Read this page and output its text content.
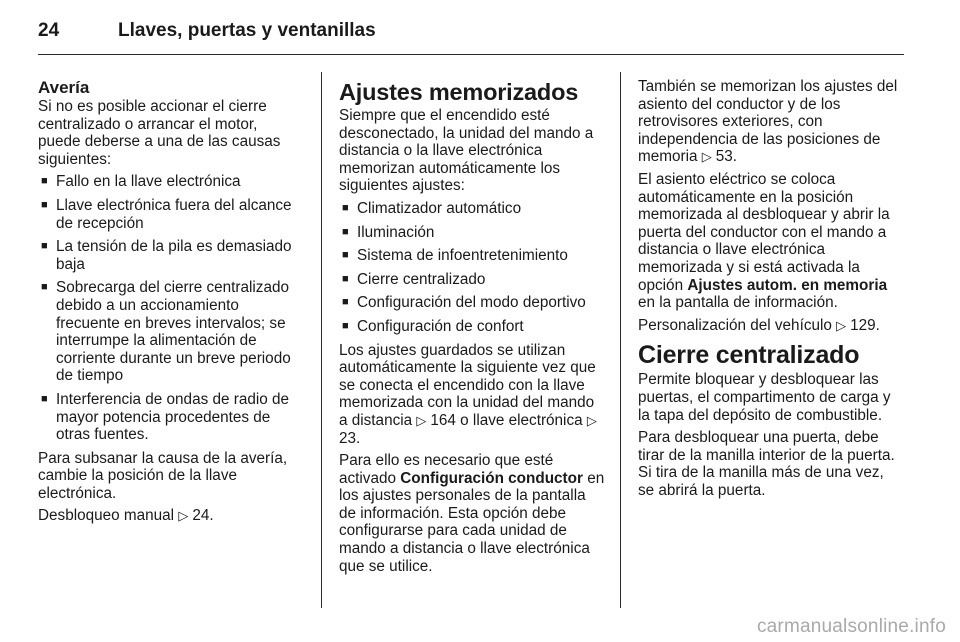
24	Llaves, puertas y ventanillas
Avería

Si no es posible accionar el cierre centralizado o arrancar el motor, puede deberse a una de las causas siguientes:

■ Fallo en la llave electrónica
■ Llave electrónica fuera del alcance de recepción
■ La tensión de la pila es demasiado baja
■ Sobrecarga del cierre centralizado debido a un accionamiento frecuente en breves intervalos; se interrumpe la alimentación de corriente durante un breve periodo de tiempo
■ Interferencia de ondas de radio de mayor potencia procedentes de otras fuentes.

Para subsanar la causa de la avería, cambie la posición de la llave electrónica.

Desbloqueo manual ▷ 24.

Ajustes memorizados

Siempre que el encendido esté desconectado, la unidad del mando a distancia o la llave electrónica memorizan automáticamente los siguientes ajustes:

■ Climatizador automático
■ Iluminación
■ Sistema de infoentretenimiento
■ Cierre centralizado
■ Configuración del modo deportivo
■ Configuración de confort

Los ajustes guardados se utilizan automáticamente la siguiente vez que se conecta el encendido con la llave memorizada con la unidad del mando a distancia ▷ 164 o llave electrónica ▷23.

Para ello es necesario que esté activado Configuración conductor en los ajustes personales de la pantalla de información. Esta opción debe configurarse para cada unidad de mando a distancia o llave electrónica que se utilice.

También se memorizan los ajustes del asiento del conductor y de los retrovisores exteriores, con independencia de las posiciones de memoria ▷ 53.

El asiento eléctrico se coloca automáticamente en la posición memorizada al desbloquear y abrir la puerta del conductor con el mando a distancia o llave electrónica memorizada y si está activada la opción Ajustes autom. en memoria en la pantalla de información.

Personalización del vehículo ▷ 129.

Cierre centralizado

Permite bloquear y desbloquear las puertas, el compartimento de carga y la tapa del depósito de combustible.

Para desbloquear una puerta, debe tirar de la manilla interior de la puerta. Si tira de la manilla más de una vez, se abrirá la puerta.

carmanualsonline.info
